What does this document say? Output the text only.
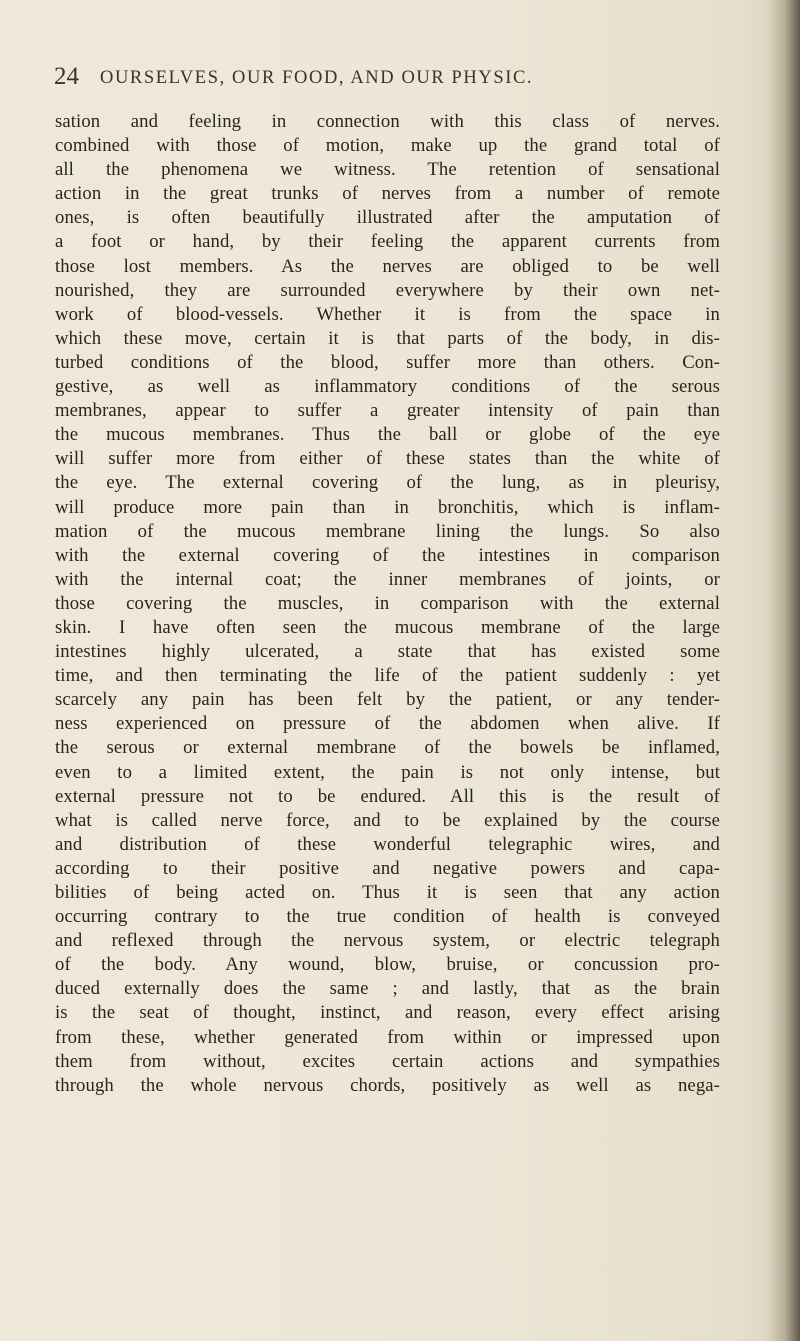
24 OURSELVES, OUR FOOD, AND OUR PHYSIC.
sation and feeling in connection with this class of nerves.
combined with those of motion, make up the grand total of
all the phenomena we witness. The retention of sensational
action in the great trunks of nerves from a number of remote
ones, is often beautifully illustrated after the amputation of
a foot or hand, by their feeling the apparent currents from
those lost members. As the nerves are obliged to be well
nourished, they are surrounded everywhere by their own net-
work of blood-vessels. Whether it is from the space in
which these move, certain it is that parts of the body, in dis-
turbed conditions of the blood, suffer more than others. Con-
gestive, as well as inflammatory conditions of the serous
membranes, appear to suffer a greater intensity of pain than
the mucous membranes. Thus the ball or globe of the eye
will suffer more from either of these states than the white of
the eye. The external covering of the lung, as in pleurisy,
will produce more pain than in bronchitis, which is inflam-
mation of the mucous membrane lining the lungs. So also
with the external covering of the intestines in comparison
with the internal coat; the inner membranes of joints, or
those covering the muscles, in comparison with the external
skin. I have often seen the mucous membrane of the large
intestines highly ulcerated, a state that has existed some
time, and then terminating the life of the patient suddenly : yet
scarcely any pain has been felt by the patient, or any tender-
ness experienced on pressure of the abdomen when alive. If
the serous or external membrane of the bowels be inflamed,
even to a limited extent, the pain is not only intense, but
external pressure not to be endured. All this is the result of
what is called nerve force, and to be explained by the course
and distribution of these wonderful telegraphic wires, and
according to their positive and negative powers and capa-
bilities of being acted on. Thus it is seen that any action
occurring contrary to the true condition of health is conveyed
and reflexed through the nervous system, or electric telegraph
of the body. Any wound, blow, bruise, or concussion pro-
duced externally does the same ; and lastly, that as the brain
is the seat of thought, instinct, and reason, every effect arising
from these, whether generated from within or impressed upon
them from without, excites certain actions and sympathies
through the whole nervous chords, positively as well as nega-
